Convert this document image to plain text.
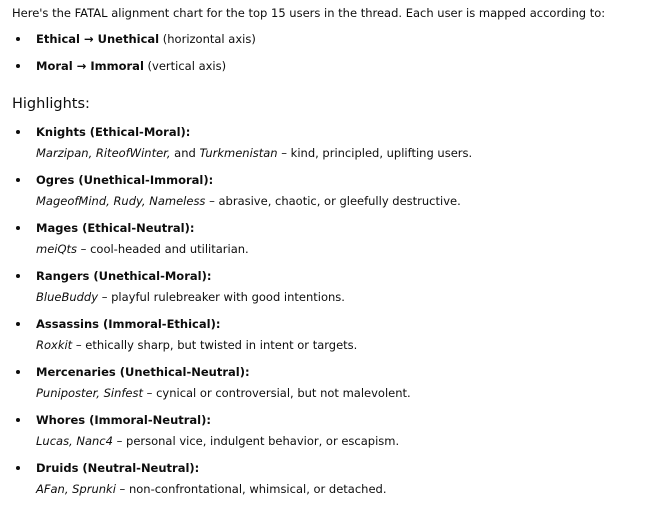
Here's the FATAL alignment chart for the top 15 users in the thread. Each user is mapped according to:
Ethical → Unethical (horizontal axis)
Moral → Immoral (vertical axis)
Highlights:
Knights (Ethical-Moral):
Marzipan, RiteofWinter, and Turkmenistan – kind, principled, uplifting users.
Ogres (Unethical-Immoral):
MageofMind, Rudy, Nameless – abrasive, chaotic, or gleefully destructive.
Mages (Ethical-Neutral):
meiQts – cool-headed and utilitarian.
Rangers (Unethical-Moral):
BlueBuddy – playful rulebreaker with good intentions.
Assassins (Immoral-Ethical):
Roxkit – ethically sharp, but twisted in intent or targets.
Mercenaries (Unethical-Neutral):
Puniposter, Sinfest – cynical or controversial, but not malevolent.
Whores (Immoral-Neutral):
Lucas, Nanc4 – personal vice, indulgent behavior, or escapism.
Druids (Neutral-Neutral):
AFan, Sprunki – non-confrontational, whimsical, or detached.
